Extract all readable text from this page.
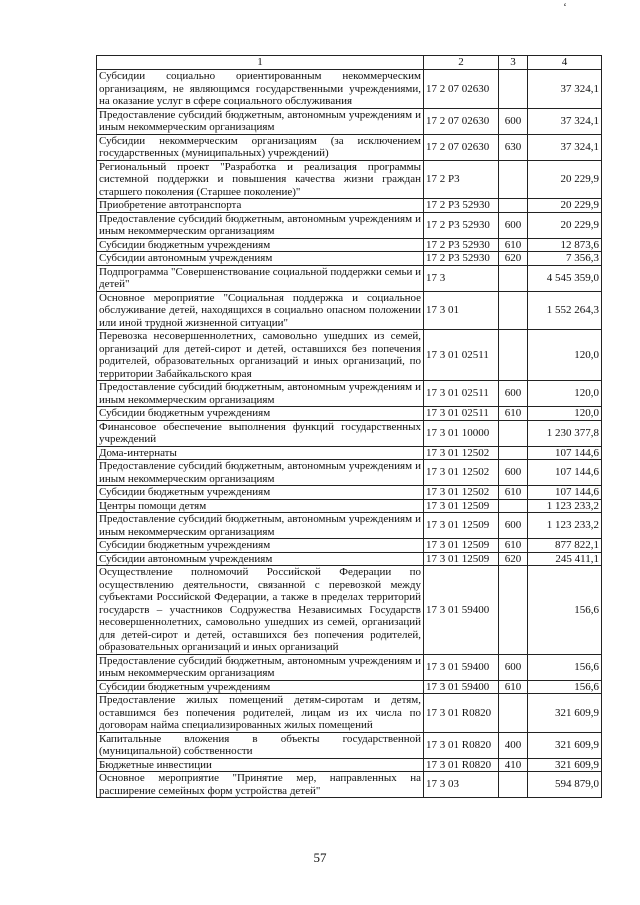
‘
1	2	3	4
Субсидии социально ориентированным некоммерческим организациям, не являющимся государственными учреждениями, на оказание услуг в сфере социального обслуживания	17 2 07 02630		37 324,1
Предоставление субсидий бюджетным, автономным учреждениям и иным некоммерческим организациям	17 2 07 02630	600	37 324,1
Субсидии некоммерческим организациям (за исключением государственных (муниципальных) учреждений)	17 2 07 02630	630	37 324,1
Региональный проект "Разработка и реализация программы системной поддержки и повышения качества жизни граждан старшего поколения (Старшее поколение)"	17 2 P3		20 229,9
Приобретение автотранспорта	17 2 P3 52930		20 229,9
Предоставление субсидий бюджетным, автономным учреждениям и иным некоммерческим организациям	17 2 P3 52930	600	20 229,9
Субсидии бюджетным учреждениям	17 2 P3 52930	610	12 873,6
Субсидии автономным учреждениям	17 2 P3 52930	620	7 356,3
Подпрограмма "Совершенствование социальной поддержки семьи и детей"	17 3		4 545 359,0
Основное мероприятие "Социальная поддержка и социальное обслуживание детей, находящихся в социально опасном положении или иной трудной жизненной ситуации"	17 3 01		1 552 264,3
Перевозка несовершеннолетних, самовольно ушедших из семей, организаций для детей-сирот и детей, оставшихся без попечения родителей, образовательных организаций и иных организаций, по территории Забайкальского края	17 3 01 02511		120,0
Предоставление субсидий бюджетным, автономным учреждениям и иным некоммерческим организациям	17 3 01 02511	600	120,0
Субсидии бюджетным учреждениям	17 3 01 02511	610	120,0
Финансовое обеспечение выполнения функций государственных учреждений	17 3 01 10000		1 230 377,8
Дома-интернаты	17 3 01 12502		107 144,6
Предоставление субсидий бюджетным, автономным учреждениям и иным некоммерческим организациям	17 3 01 12502	600	107 144,6
Субсидии бюджетным учреждениям	17 3 01 12502	610	107 144,6
Центры помощи детям	17 3 01 12509		1 123 233,2
Предоставление субсидий бюджетным, автономным учреждениям и иным некоммерческим организациям	17 3 01 12509	600	1 123 233,2
Субсидии бюджетным учреждениям	17 3 01 12509	610	877 822,1
Субсидии автономным учреждениям	17 3 01 12509	620	245 411,1
Осуществление полномочий Российской Федерации по осуществлению деятельности, связанной с перевозкой между субъектами Российской Федерации, а также в пределах территорий государств – участников Содружества Независимых Государств несовершеннолетних, самовольно ушедших из семей, организаций для детей-сирот и детей, оставшихся без попечения родителей, образовательных организаций и иных организаций	17 3 01 59400		156,6
Предоставление субсидий бюджетным, автономным учреждениям и иным некоммерческим организациям	17 3 01 59400	600	156,6
Субсидии бюджетным учреждениям	17 3 01 59400	610	156,6
Предоставление жилых помещений детям-сиротам и детям, оставшимся без попечения родителей, лицам из их числа по договорам найма специализированных жилых помещений	17 3 01 R0820		321 609,9
Капитальные вложения в объекты государственной (муниципальной) собственности	17 3 01 R0820	400	321 609,9
Бюджетные инвестиции	17 3 01 R0820	410	321 609,9
Основное мероприятие "Принятие мер, направленных на расширение семейных форм устройства детей"	17 3 03		594 879,0
57
